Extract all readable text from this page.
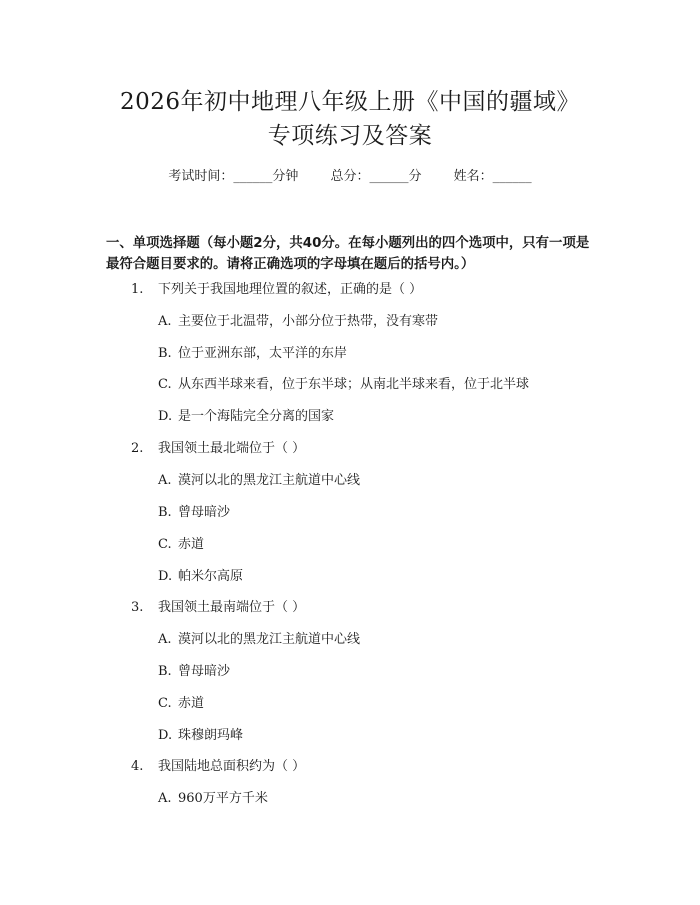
2026年初中地理八年级上册《中国的疆域》
专项练习及答案
考试时间：______分钟 总分：______分 姓名：______

一、单项选择题（每小题2分，共40分。在每小题列出的四个选项中，只有一项是最符合题目要求的。请将正确选项的字母填在题后的括号内。）

1. 下列关于我国地理位置的叙述，正确的是（ ）
A. 主要位于北温带，小部分位于热带，没有寒带
B. 位于亚洲东部，太平洋的东岸
C. 从东西半球来看，位于东半球；从南北半球来看，位于北半球
D. 是一个海陆完全分离的国家
2. 我国领土最北端位于（ ）
A. 漠河以北的黑龙江主航道中心线
B. 曾母暗沙
C. 赤道
D. 帕米尔高原
3. 我国领土最南端位于（ ）
A. 漠河以北的黑龙江主航道中心线
B. 曾母暗沙
C. 赤道
D. 珠穆朗玛峰
4. 我国陆地总面积约为（ ）
A. 960万平方千米
